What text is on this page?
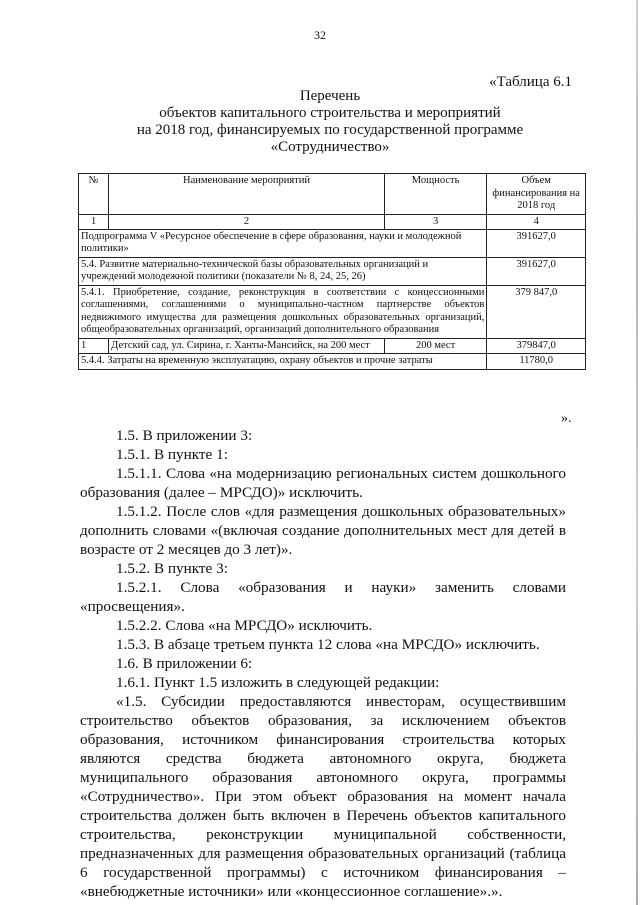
32
«Таблица 6.1
Перечень
объектов капитального строительства и мероприятий
на 2018 год, финансируемых по государственной программе
«Сотрудничество»
№	Наименование мероприятий	Мощность	Объем финансирования на 2018 год
1	2	3	4
Подпрограмма V «Ресурсное обеспечение в сфере образования, науки и молодежной политики»			391627,0
5.4. Развитие материально-технической базы образовательных организаций и учреждений молодежной политики (показатели № 8, 24, 25, 26)			391627,0
5.4.1. Приобретение, создание, реконструкция в соответствии с концессионными соглашениями, соглашениями о муниципально-частном партнерстве объектов недвижимого имущества для размещения дошкольных образовательных организаций, общеобразовательных организаций, организаций дополнительного образования			379 847,0
1	Детский сад, ул. Сирина, г. Ханты-Мансийск, на 200 мест	200 мест	379847,0
5.4.4. Затраты на временную эксплуатацию, охрану объектов и прочие затраты			11780,0
».

1.5. В приложении 3:

1.5.1. В пункте 1:

1.5.1.1. Слова «на модернизацию региональных систем дошкольного образования (далее – МРСДО)» исключить.

1.5.1.2. После слов «для размещения дошкольных образовательных» дополнить словами «(включая создание дополнительных мест для детей в возрасте от 2 месяцев до 3 лет)».

1.5.2. В пункте 3:

1.5.2.1. Слова «образования и науки» заменить словами «просвещения».

1.5.2.2. Слова «на МРСДО» исключить.

1.5.3. В абзаце третьем пункта 12 слова «на МРСДО» исключить.

1.6. В приложении 6:

1.6.1. Пункт 1.5 изложить в следующей редакции:

«1.5. Субсидии предоставляются инвесторам, осуществившим строительство объектов образования, за исключением объектов образования, источником финансирования строительства которых являются средства бюджета автономного округа, бюджета муниципального образования автономного округа, программы «Сотрудничество». При этом объект образования на момент начала строительства должен быть включен в Перечень объектов капитального строительства, реконструкции муниципальной собственности, предназначенных для размещения образовательных организаций (таблица 6 государственной программы) с источником финансирования – «внебюджетные источники» или «концессионное соглашение».».
